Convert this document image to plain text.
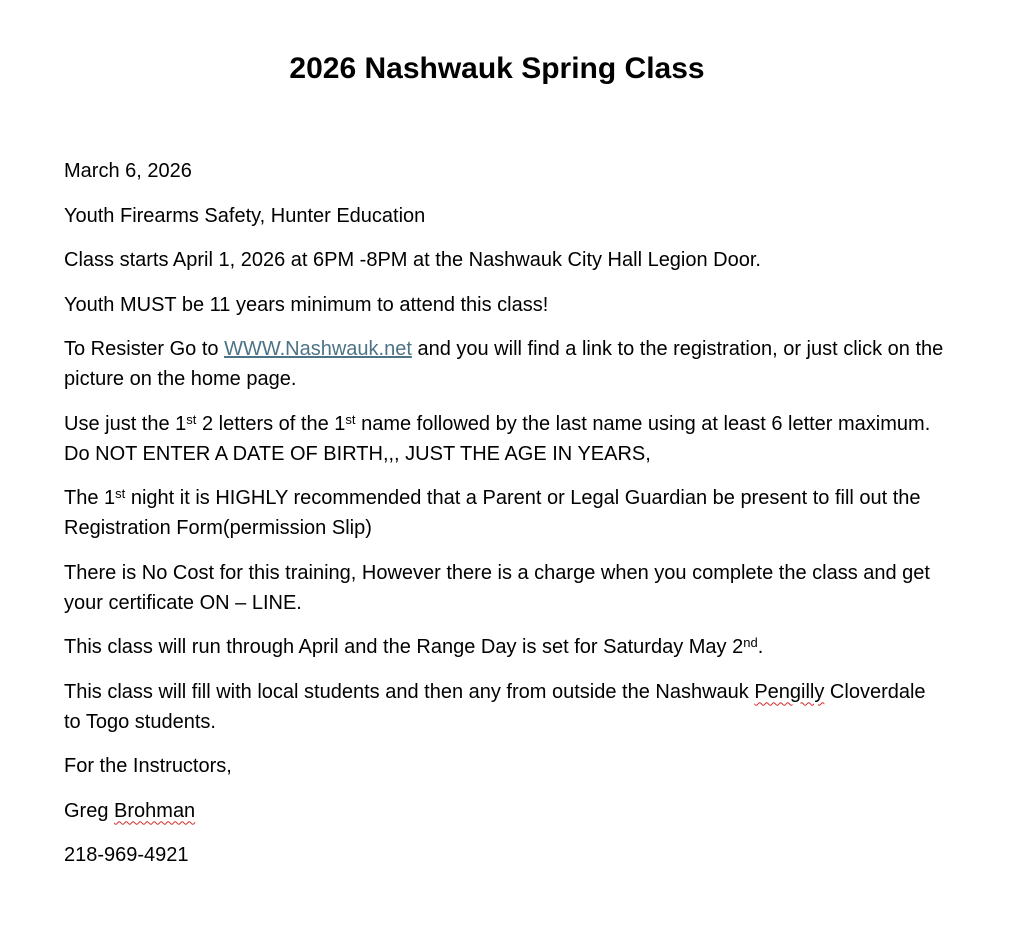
2026 Nashwauk Spring Class

March 6, 2026

Youth Firearms Safety, Hunter Education

Class starts April 1, 2026 at 6PM -8PM at the Nashwauk City Hall Legion Door.

Youth MUST be 11 years minimum to attend this class!

To Resister Go to WWW.Nashwauk.net and you will find a link to the registration, or just click on the picture on the home page.

Use just the 1st 2 letters of the 1st name followed by the last name using at least 6 letter maximum. Do NOT ENTER A DATE OF BIRTH,,, JUST THE AGE IN YEARS,

The 1st night it is HIGHLY recommended that a Parent or Legal Guardian be present to fill out the Registration Form(permission Slip)

There is No Cost for this training, However there is a charge when you complete the class and get your certificate ON – LINE.

This class will run through April and the Range Day is set for Saturday May 2nd.

This class will fill with local students and then any from outside the Nashwauk Pengilly Cloverdale to Togo students.

For the Instructors,

Greg Brohman

218-969-4921
